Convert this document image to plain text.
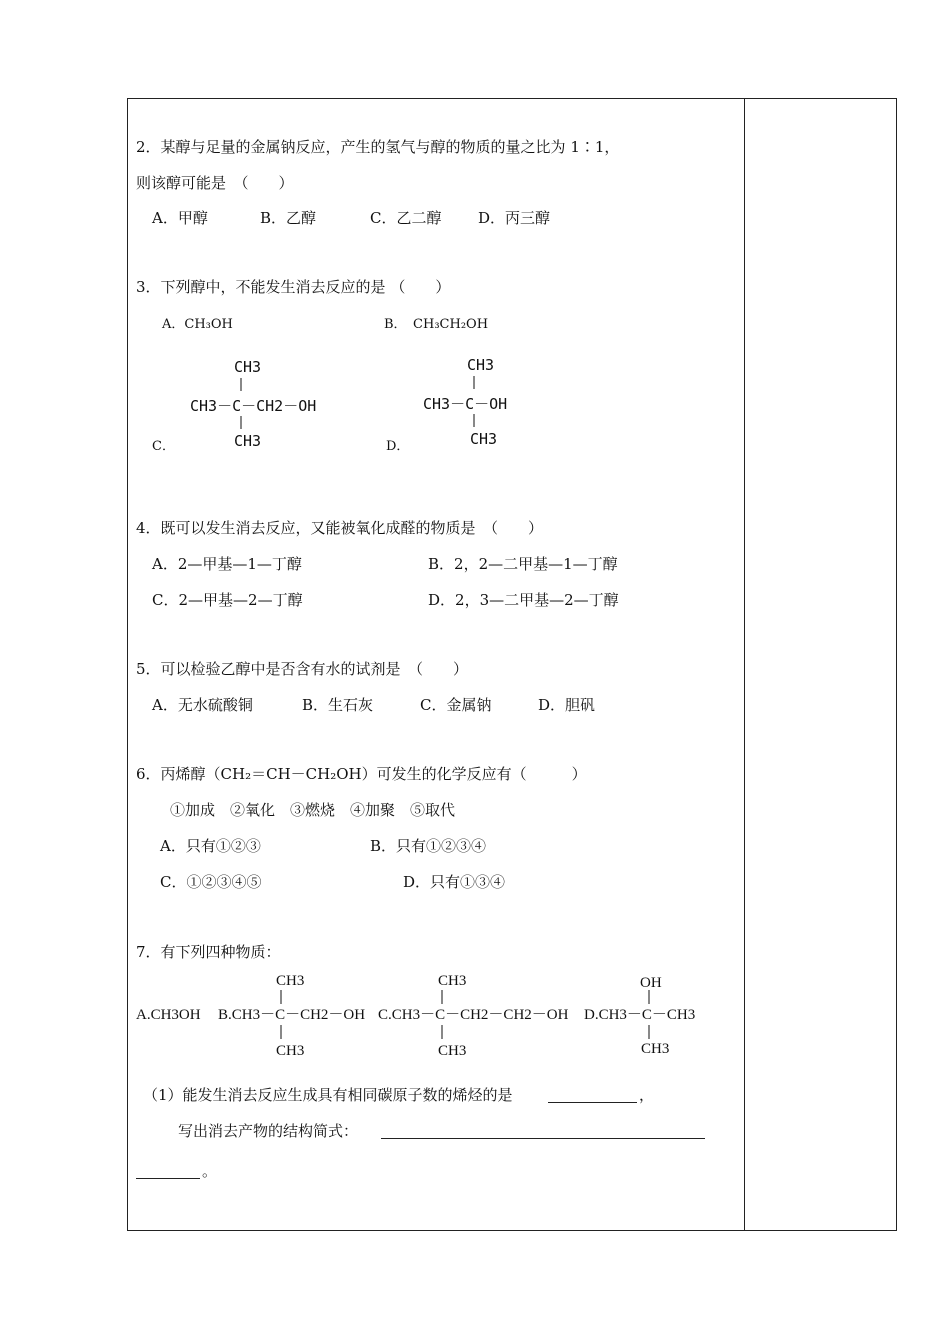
2．某醇与足量的金属钠反应，产生的氢气与醇的物质的量之比为 1∶1，
则该醇可能是　（　　）
A．甲醇	B．乙醇	C．乙二醇 D．丙三醇
3．下列醇中，不能发生消去反应的是 （　　）
A．CH₃OH	B．　CH₃CH₂OH
C．	D．
CH3
CH3－C－CH2－OH
CH3
CH3
CH3－C－OH
CH3
A.CH3OH
CH3
B.CH3－C－CH2－OH
CH3
CH3
C.CH3－C－CH2－CH2－OH
CH3
OH
D.CH3－C－CH3
CH3
4．既可以发生消去反应，又能被氧化成醛的物质是　（　　）
A．2—甲基—1—丁醇	B．2，2—二甲基—1—丁醇
C．2—甲基—2—丁醇	D．2，3—二甲基—2—丁醇
5．可以检验乙醇中是否含有水的试剂是　（　　）
A．无水硫酸铜	B．生石灰	C．金属钠	D．胆矾
6．丙烯醇（CH₂＝CH－CH₂OH）可发生的化学反应有（　　　）
①加成　②氧化　③燃烧　④加聚　⑤取代
A．只有①②③	B．只有①②③④
C．①②③④⑤	D．只有①③④
7．有下列四种物质：
（1）能发生消去反应生成具有相同碳原子数的烯烃的是	，
写出消去产物的结构简式：
。
